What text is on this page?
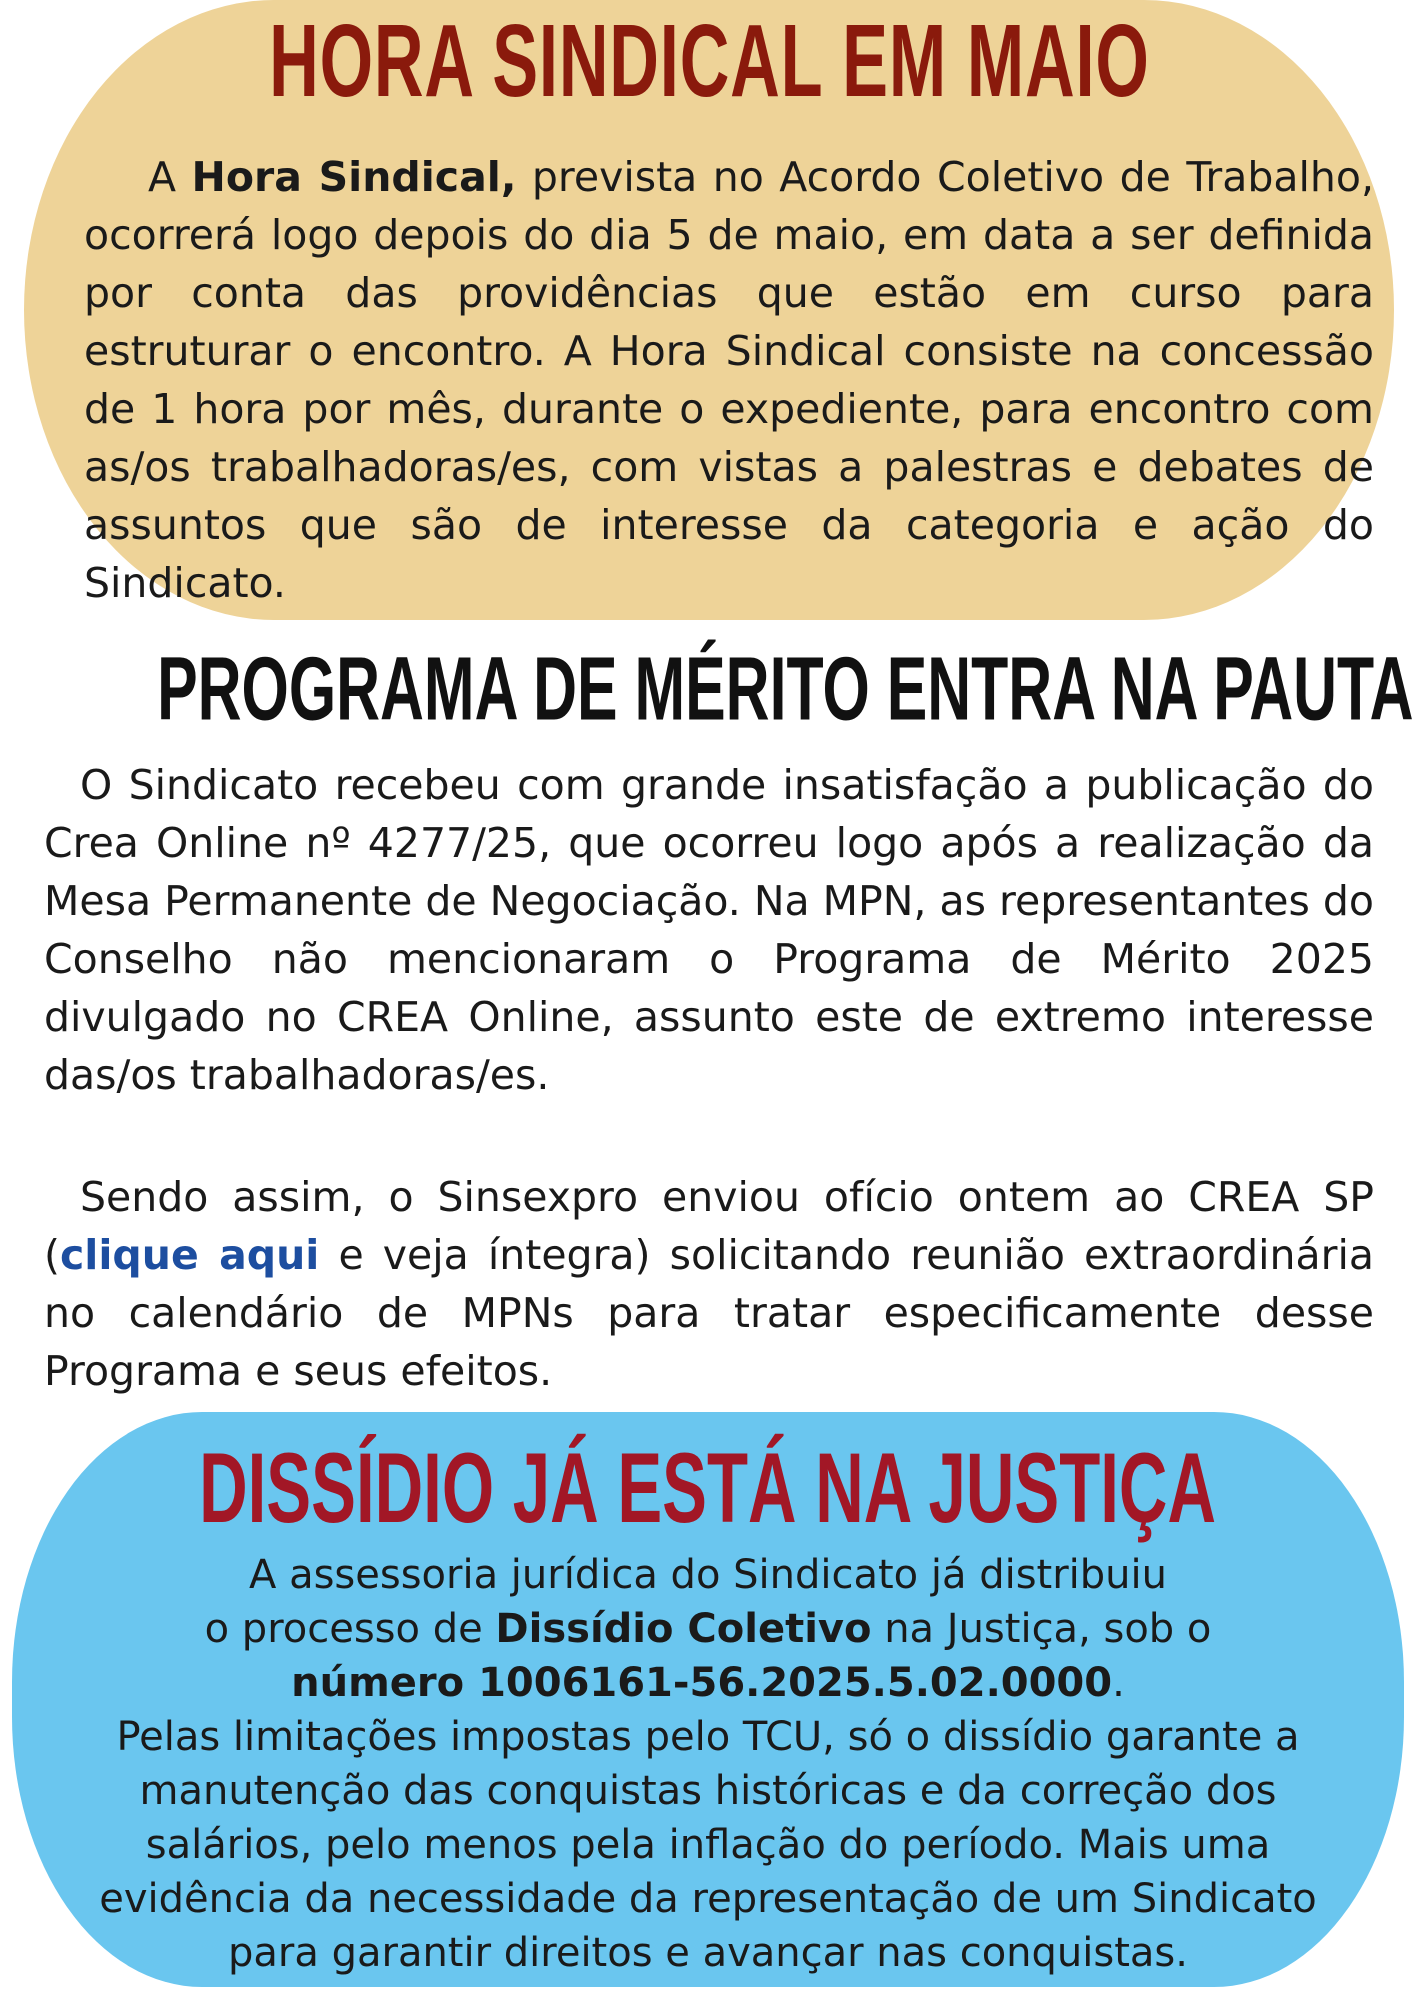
HORA SINDICAL EM MAIO

A Hora Sindical, prevista no Acordo Coletivo de Trabalho, ocorrerá logo depois do dia 5 de maio, em data a ser definida por conta das providências que estão em curso para estruturar o encontro. A Hora Sindical consiste na concessão de 1 hora por mês, durante o expediente, para encontro com as/os trabalhadoras/es, com vistas a palestras e debates de assuntos que são de interesse da categoria e ação do Sindicato.

PROGRAMA DE MÉRITO ENTRA NA PAUTA

O Sindicato recebeu com grande insatisfação a publicação do Crea Online nº 4277/25, que ocorreu logo após a realização da Mesa Permanente de Negociação. Na MPN, as representantes do Conselho não mencionaram o Programa de Mérito 2025 divulgado no CREA Online, assunto este de extremo interesse das/os trabalhadoras/es.

Sendo assim, o Sinsexpro enviou ofício ontem ao CREA SP (clique aqui e veja íntegra) solicitando reunião extraordinária no calendário de MPNs para tratar especificamente desse Programa e seus efeitos.

DISSÍDIO JÁ ESTÁ NA JUSTIÇA

A assessoria jurídica do Sindicato já distribuiu
o processo de Dissídio Coletivo na Justiça, sob o
número 1006161-56.2025.5.02.0000.
Pelas limitações impostas pelo TCU, só o dissídio garante a
manutenção das conquistas históricas e da correção dos
salários, pelo menos pela inflação do período. Mais uma
evidência da necessidade da representação de um Sindicato
para garantir direitos e avançar nas conquistas.
